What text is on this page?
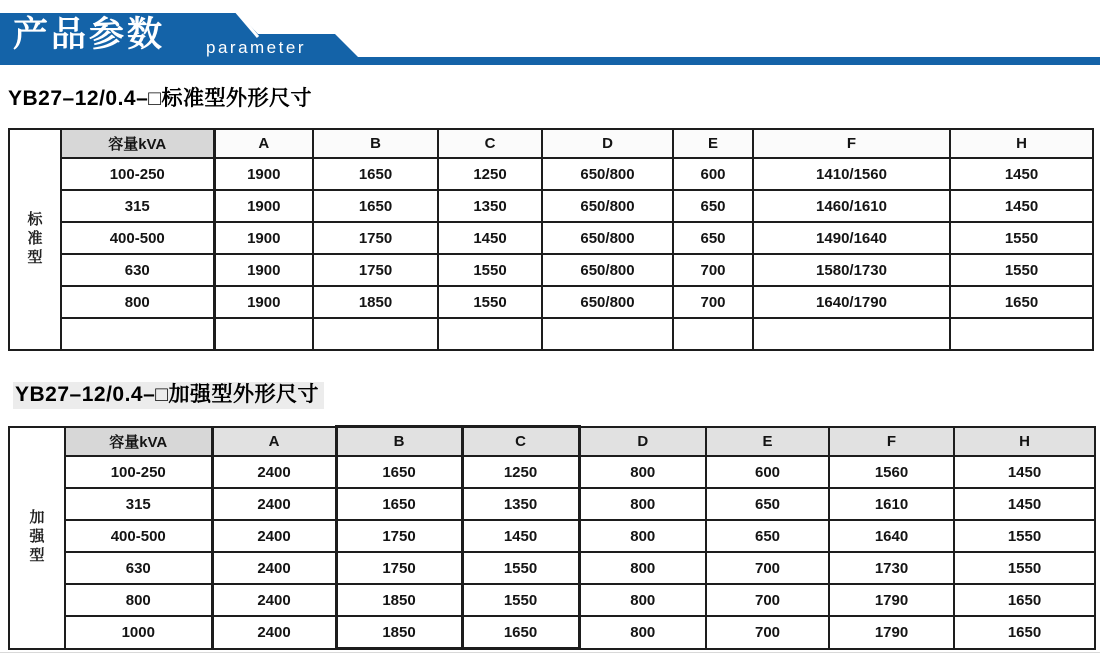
产品参数 parameter
YB27–12/0.4–□标准型外形尺寸
标准型	容量kVA	A	B	C	D	E	F	H
	100-250	1900	1650	1250	650/800	600	1410/1560	1450
	315	1900	1650	1350	650/800	650	1460/1610	1450
	400-500	1900	1750	1450	650/800	650	1490/1640	1550
	630	1900	1750	1550	650/800	700	1580/1730	1550
	800	1900	1850	1550	650/800	700	1640/1790	1650

YB27–12/0.4–□加强型外形尺寸
加强型	容量kVA	A	B	C	D	E	F	H
	100-250	2400	1650	1250	800	600	1560	1450
	315	2400	1650	1350	800	650	1610	1450
	400-500	2400	1750	1450	800	650	1640	1550
	630	2400	1750	1550	800	700	1730	1550
	800	2400	1850	1550	800	700	1790	1650
	1000	2400	1850	1650	800	700	1790	1650
